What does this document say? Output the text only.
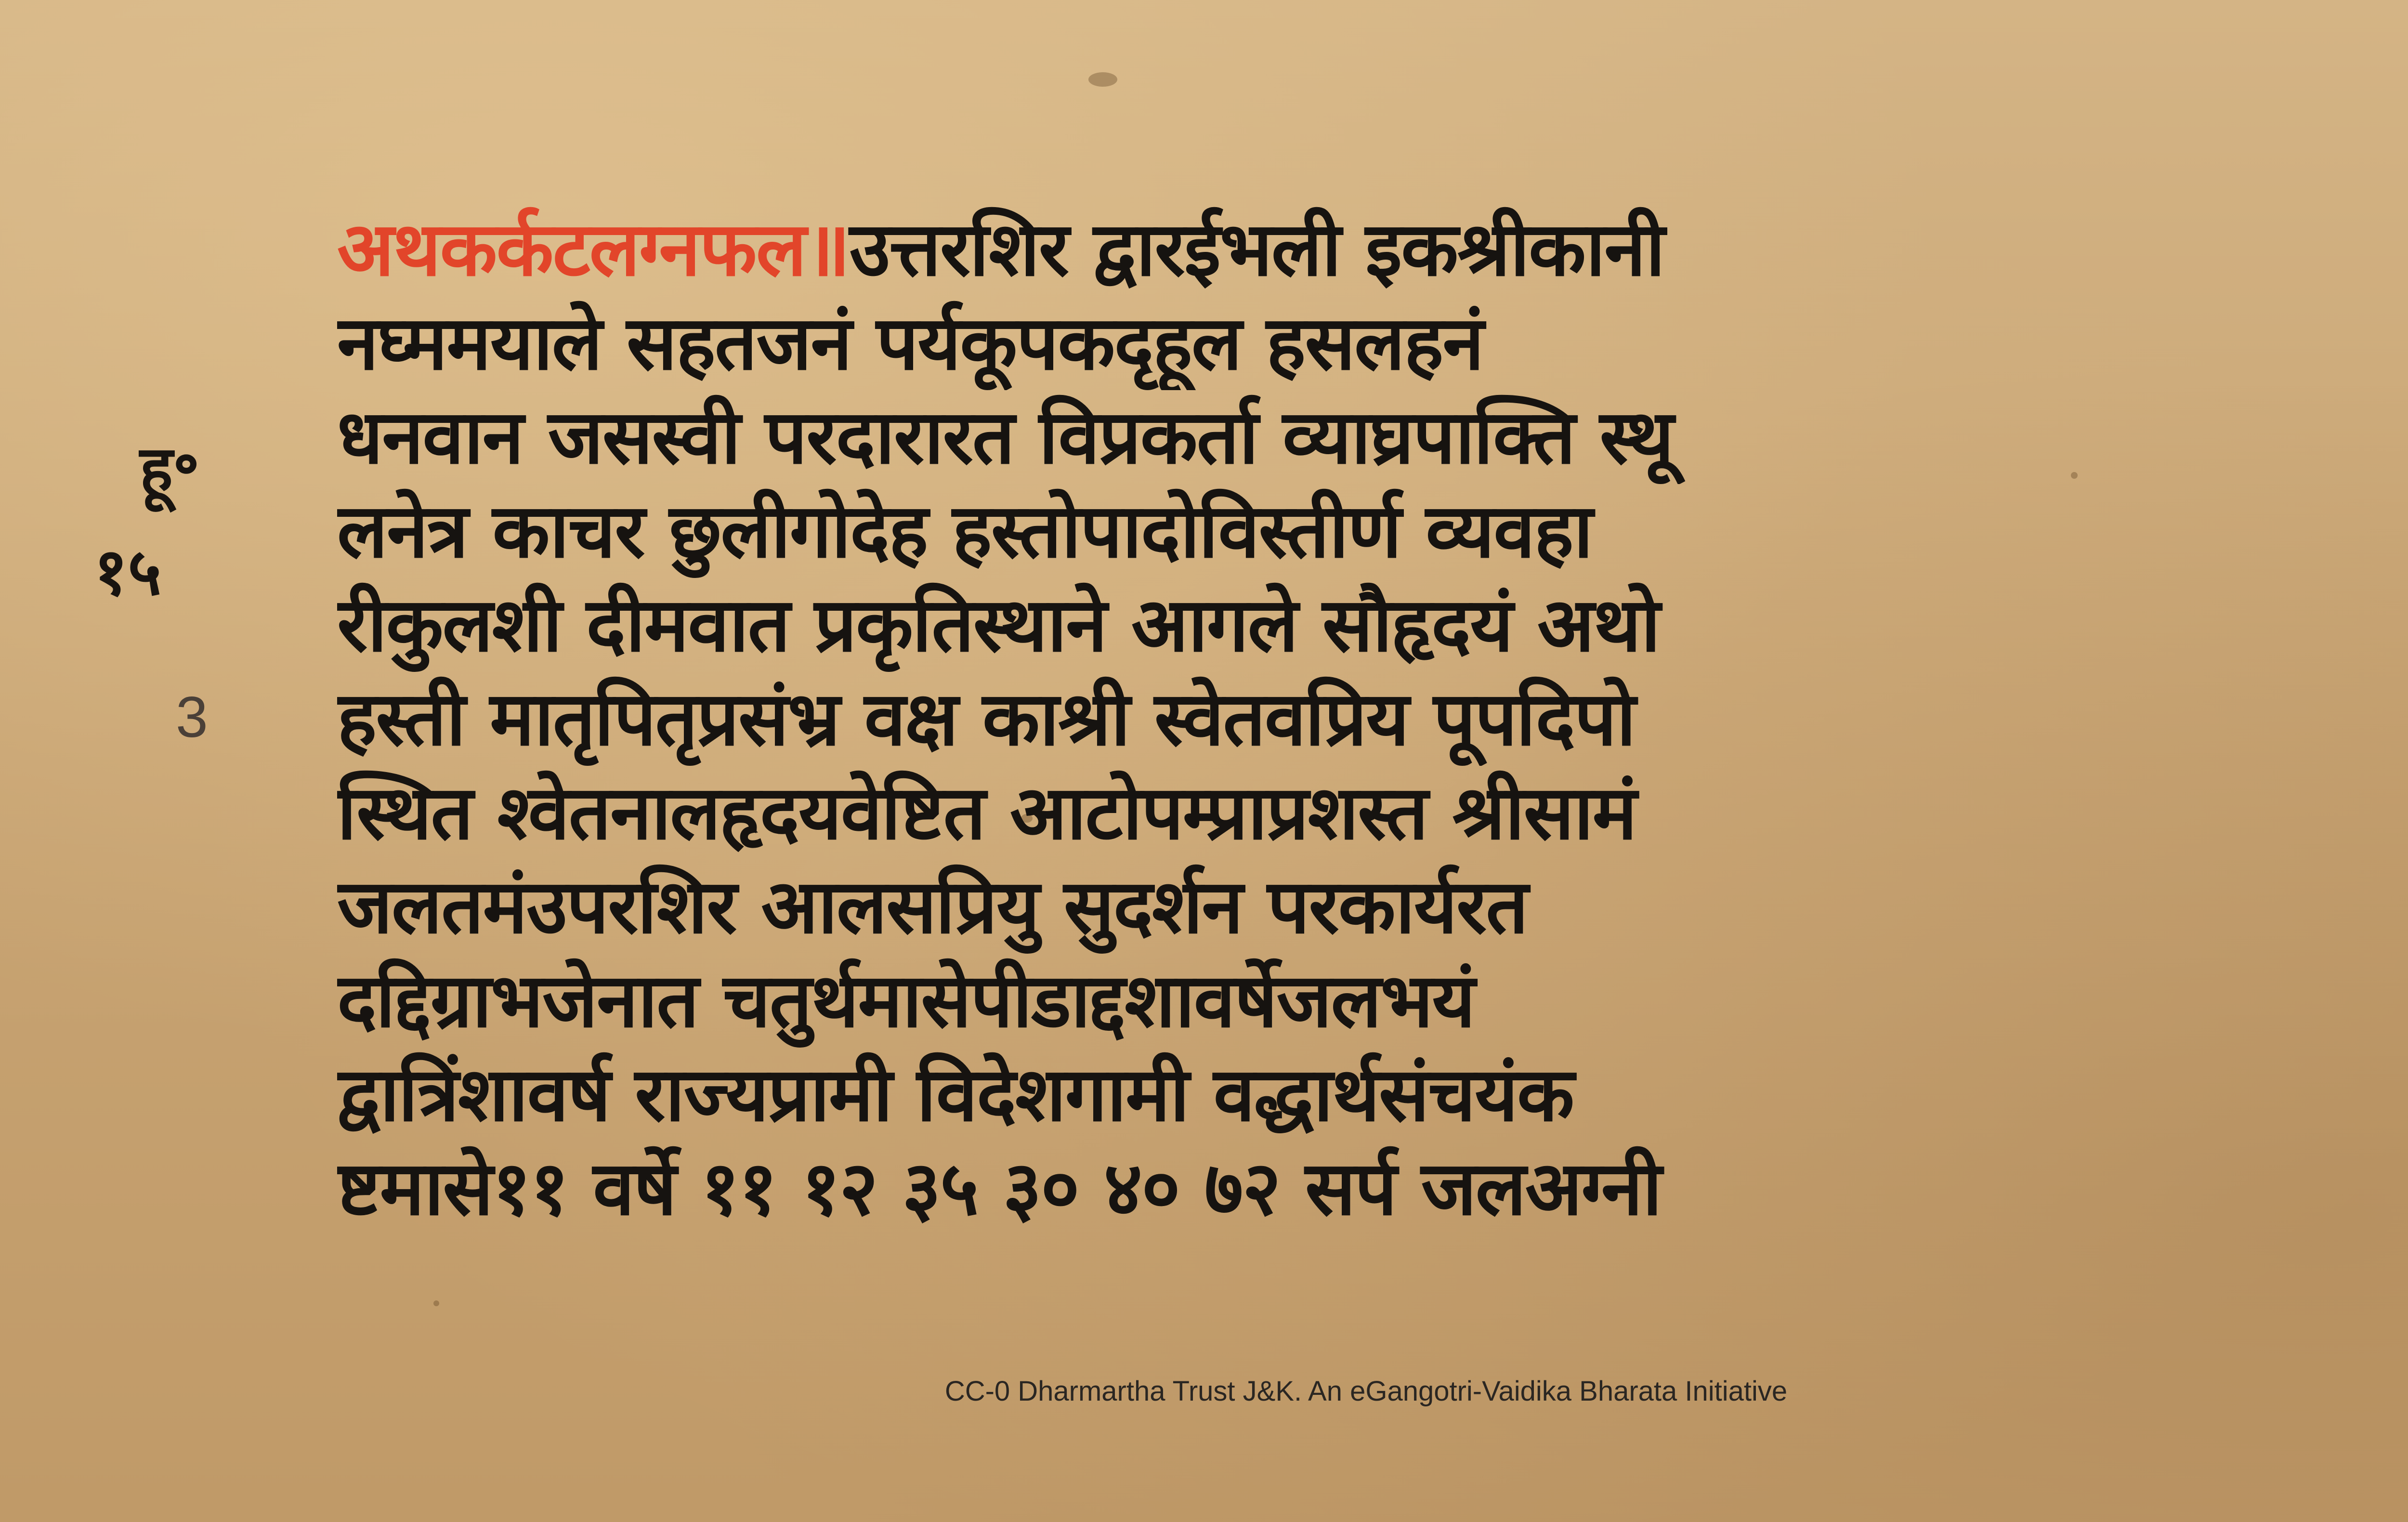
3
हू॰
१५
अथकर्कटलग्नफल॥उत्तरशिर द्वारईभली इकश्रीकानी
नघ्ममयाले सहतजनं पर्यकूपकदृहूल हसलहनं
धनवान जसस्वी परदारारत विप्रकर्ता व्याघ्रपाक्ति स्थू
लनेत्र काचर छुलीगोदेह हस्तोपादोविस्तीर्ण व्यवहा
रीकुलशी दीमवात प्रकृतिस्थाने आगले सौहृदयं अथो
हस्ती मातृपितृप्रसंभ्र वक्ष काश्री स्वेतवप्रिय पूपदिपो
स्थित श्वेतनालहृदयवेष्टित आटोपम्प्राप्रशस्त श्रीसामं
जलतमंउपरशिर आलसप्रियु सुदर्शन परकार्यरत
दद्दिग्राभजेनात चतुर्थमासेपीडाद्दशावर्षेजलभयं
द्वात्रिंशावर्ष राज्यप्रामी विदेशगामी वद्धार्थसंचयंक
ष्टमासे११ वर्षे ११ १२ ३५ ३० ४० ७२ सर्प जलअग्नी
CC-0 Dharmartha Trust J&K. An eGangotri-Vaidika Bharata Initiative
